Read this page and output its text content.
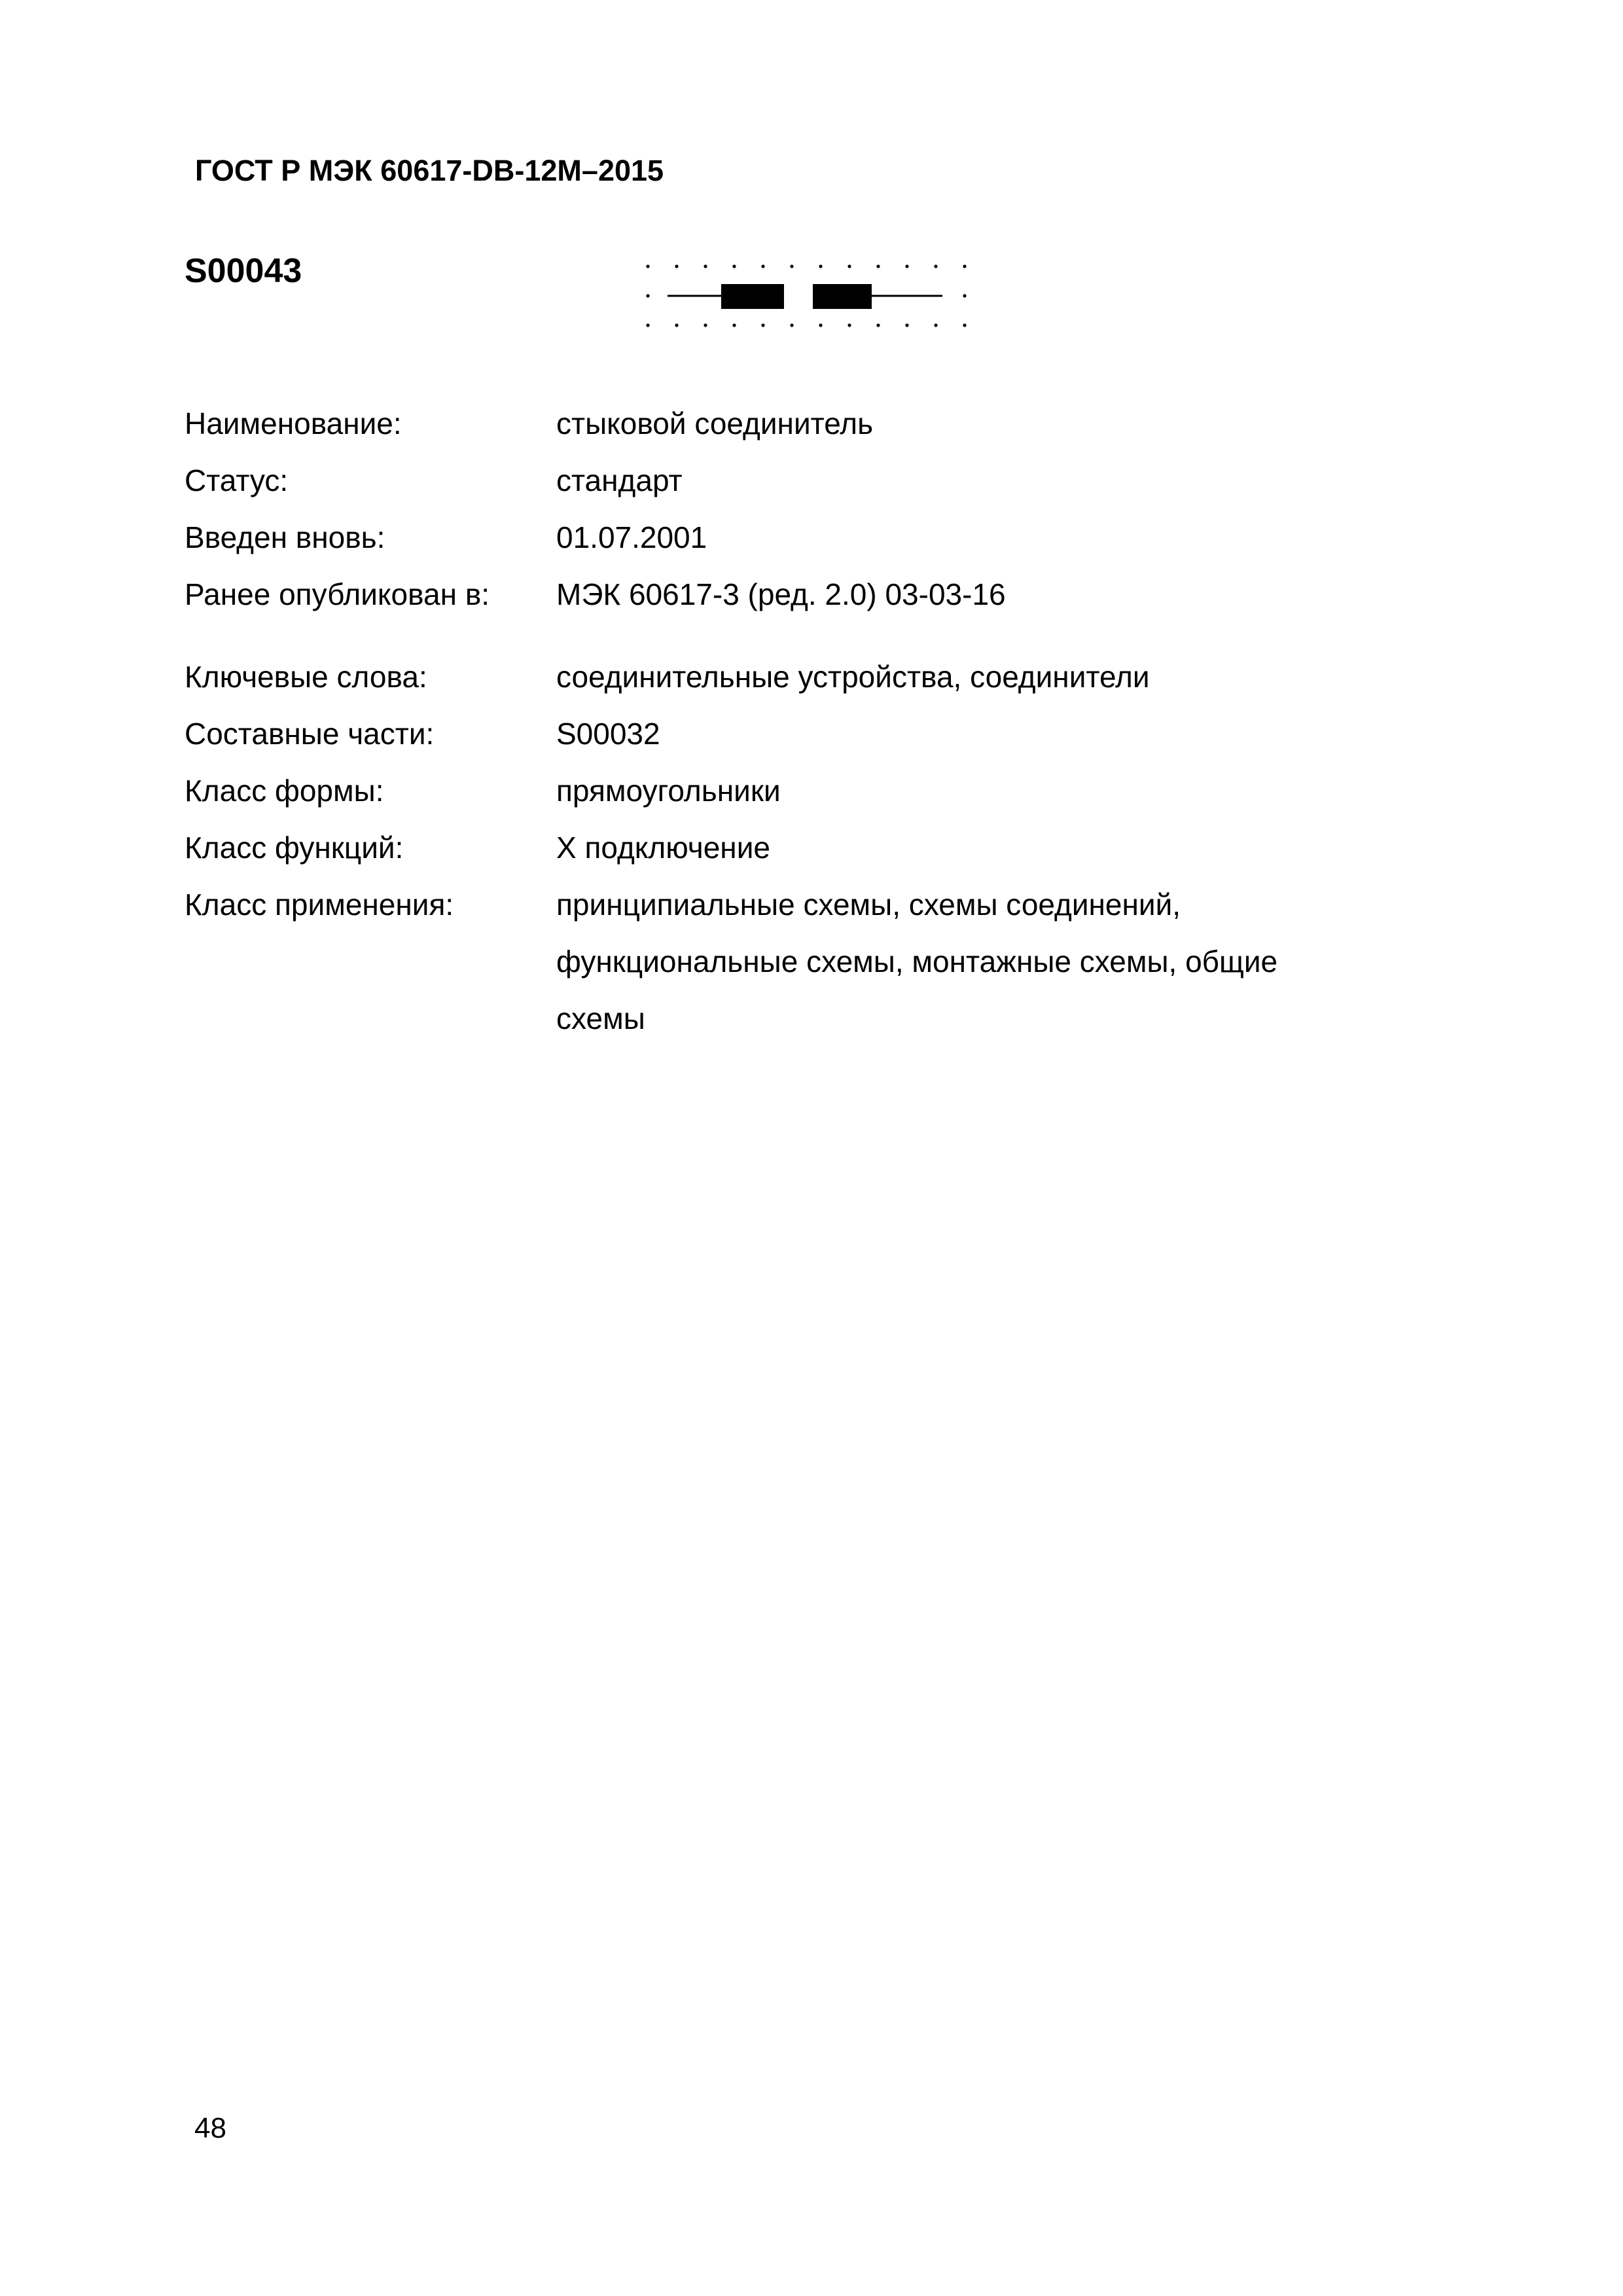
ГОСТ Р МЭК 60617-DB-12М–2015
S00043
Наименование:	стыковой соединитель
Статус:	стандарт
Введен вновь:	01.07.2001
Ранее опубликован в:	МЭК 60617-3 (ред. 2.0) 03-03-16
Ключевые слова:	соединительные устройства, соединители
Составные части:	S00032
Класс формы:	прямоугольники
Класс функций:	X подключение
Класс применения:	принципиальные схемы, схемы соединений, функциональные схемы, монтажные схемы, общие схемы
48
